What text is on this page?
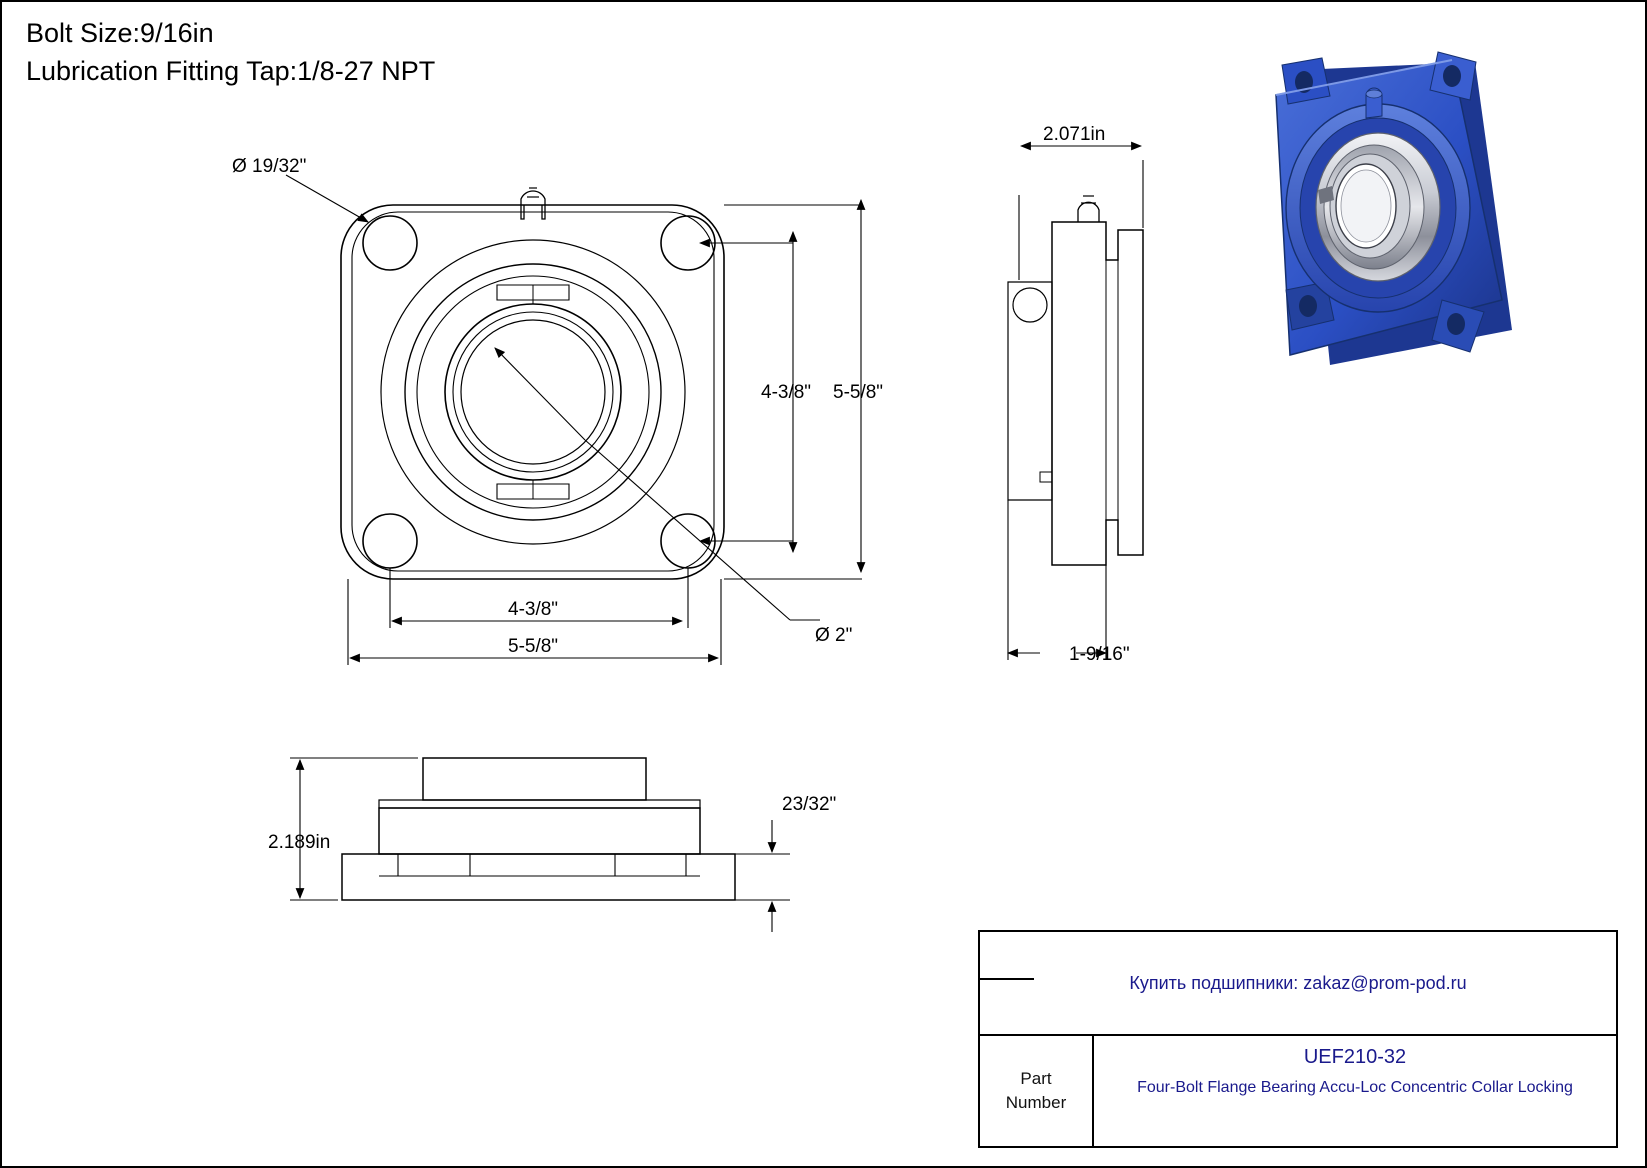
Bolt Size:9/16in
Lubrication Fitting Tap:1/8-27 NPT
Ø 19/32"
4-3/8" 5-5/8"
4-3/8"
5-5/8"
Ø 2"
2.071in
1-9/16"
2.189in
23/32"
Купить подшипники: zakaz@prom-pod.ru
Part
Number
UEF210-32
Four-Bolt Flange Bearing Accu-Loc Concentric Collar Locking
